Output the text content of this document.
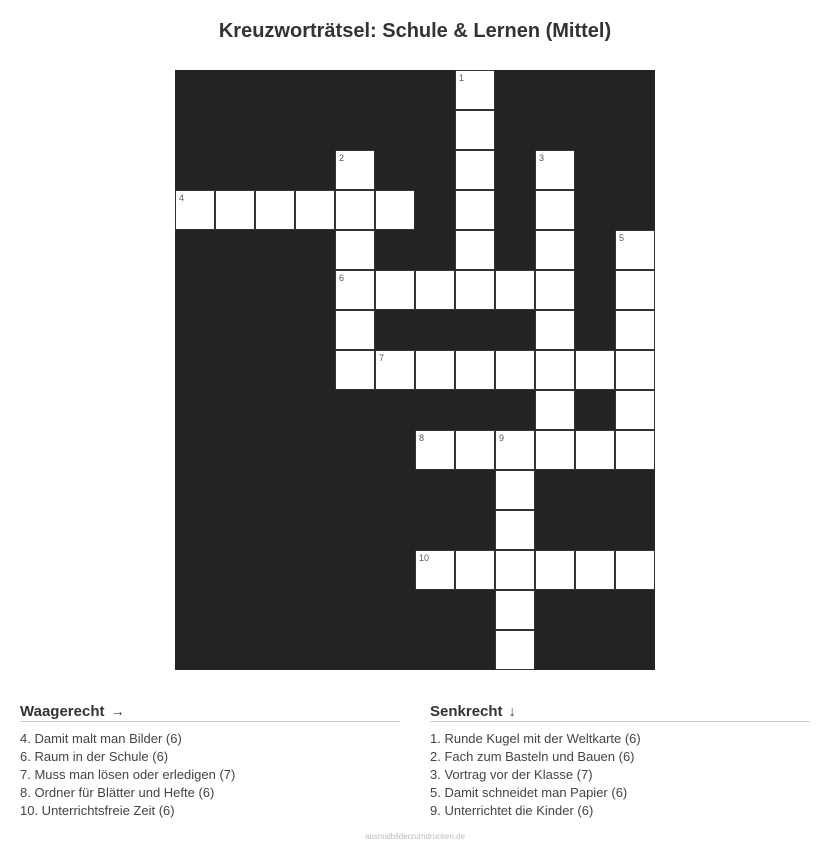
Kreuzworträtsel: Schule & Lernen (Mittel)
1
2	3
4
5
6
7
8	9
10
Waagerecht →
4. Damit malt man Bilder (6)
6. Raum in der Schule (6)
7. Muss man lösen oder erledigen (7)
8. Ordner für Blätter und Hefte (6)
10. Unterrichtsfreie Zeit (6)
Senkrecht ↓
1. Runde Kugel mit der Weltkarte (6)
2. Fach zum Basteln und Bauen (6)
3. Vortrag vor der Klasse (7)
5. Damit schneidet man Papier (6)
9. Unterrichtet die Kinder (6)
ausmalbilderzumdrucken.de
